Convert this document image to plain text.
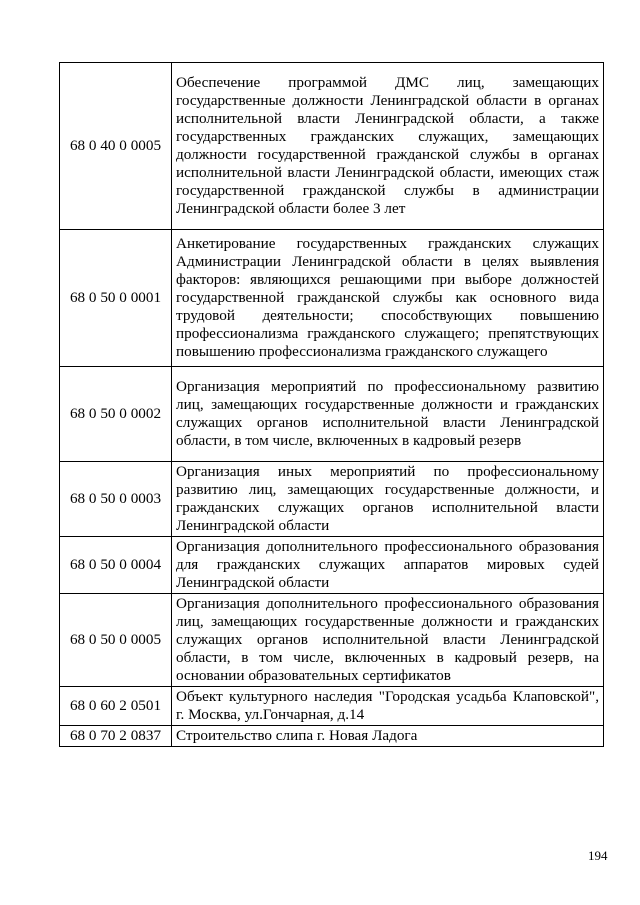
68 0 40 0 0005	Обеспечение программой ДМС лиц, замещающих государственные должности Ленинградской области в органах исполнительной власти Ленинградской области, а также государственных гражданских служащих, замещающих должности государственной гражданской службы в органах исполнительной власти Ленинградской области, имеющих стаж государственной гражданской службы в администрации Ленинградской области более 3 лет
68 0 50 0 0001	Анкетирование государственных гражданских служащих Администрации Ленинградской области в целях выявления факторов: являющихся решающими при выборе должностей государственной гражданской службы как основного вида трудовой деятельности; способствующих повышению профессионализма гражданского служащего; препятствующих повышению профессионализма гражданского служащего
68 0 50 0 0002	Организация мероприятий по профессиональному развитию лиц, замещающих государственные должности и гражданских служащих органов исполнительной власти Ленинградской области, в том числе, включенных в кадровый резерв
68 0 50 0 0003	Организация иных мероприятий по профессиональному развитию лиц, замещающих государственные должности, и гражданских служащих органов исполнительной власти Ленинградской области
68 0 50 0 0004	Организация дополнительного профессионального образования для гражданских служащих аппаратов мировых судей Ленинградской области
68 0 50 0 0005	Организация дополнительного профессионального образования лиц, замещающих государственные должности и гражданских служащих органов исполнительной власти Ленинградской области, в том числе, включенных в кадровый резерв, на основании образовательных сертификатов
68 0 60 2 0501	Объект культурного наследия "Городская усадьба Клаповской", г. Москва, ул.Гончарная, д.14
68 0 70 2 0837	Строительство слипа г. Новая Ладога
194
